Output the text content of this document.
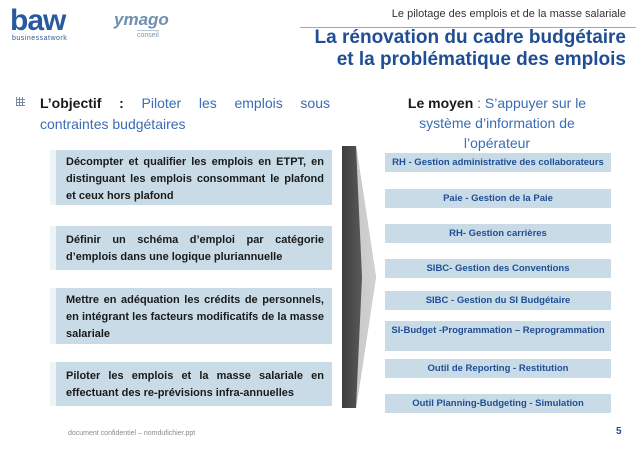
baw
businessatwork
ymago
conseil
Le pilotage des emplois et de la masse salariale
La rénovation du cadre budgétaire
et la problématique des emplois
L’objectif : Piloter les emplois sous contraintes budgétaires
Décompter et qualifier les emplois en ETPT, en distinguant les emplois consommant le plafond et ceux hors plafond
Définir un schéma d’emploi par catégorie d’emplois dans une logique pluriannuelle
Mettre en adéquation les crédits de personnels, en intégrant les facteurs modificatifs de la masse salariale
Piloter les emplois et la masse salariale en effectuant des re-prévisions infra-annuelles
Le moyen : S’appuyer sur le système d’information de l’opérateur
RH - Gestion administrative des collaborateurs
Paie - Gestion de la Paie
RH- Gestion carrières
SIBC- Gestion des Conventions
SIBC - Gestion du SI Budgétaire
SI-Budget -Programmation – Reprogrammation
Outil de Reporting - Restitution
Outil Planning-Budgeting - Simulation
document confidentiel – nomdufichier.ppt	5
